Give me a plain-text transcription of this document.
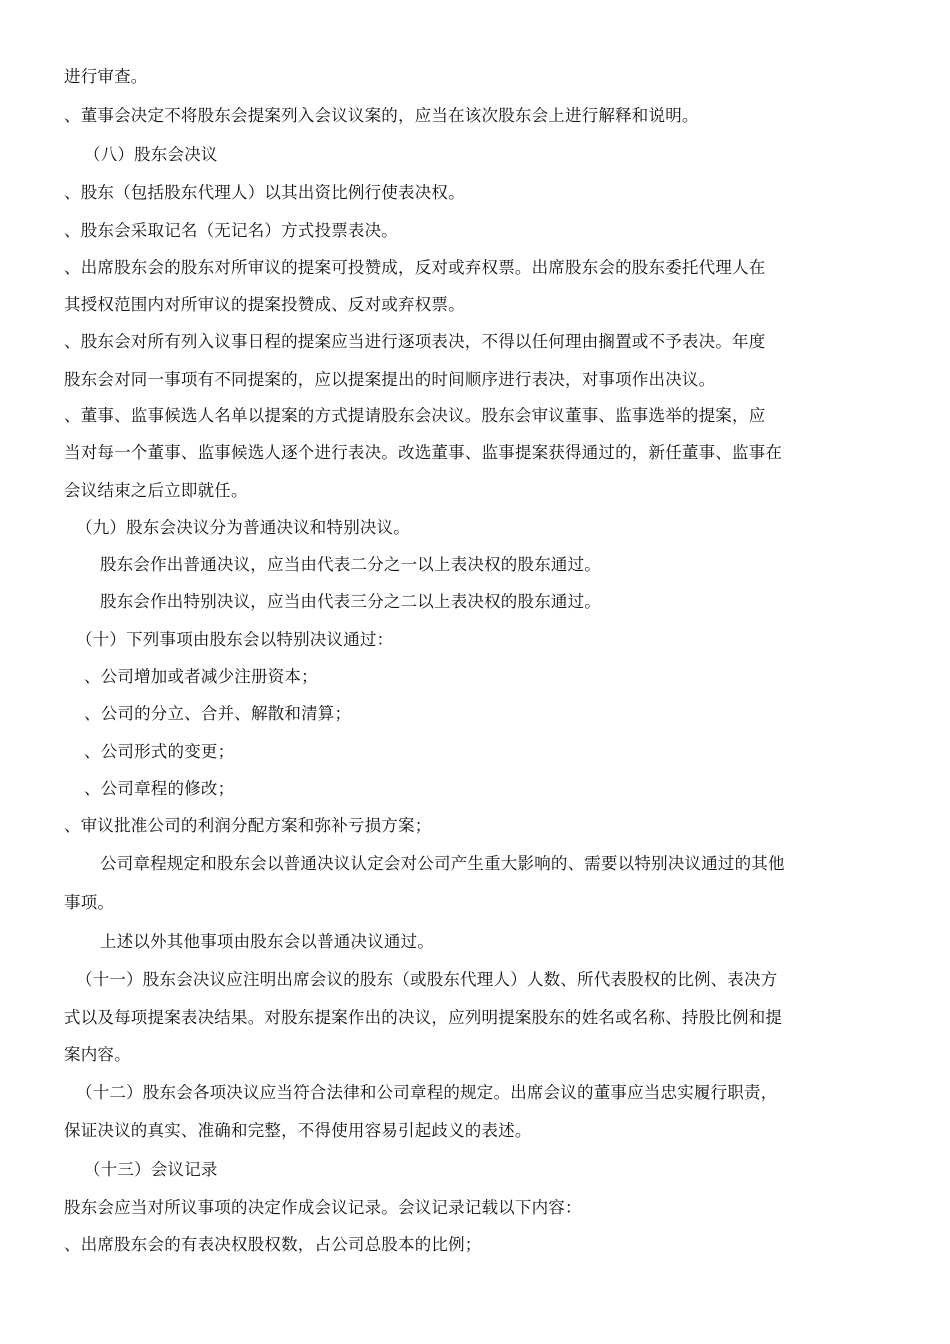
进行审查。
、董事会决定不将股东会提案列入会议议案的，应当在该次股东会上进行解释和说明。
（八）股东会决议
、股东（包括股东代理人）以其出资比例行使表决权。
、股东会采取记名（无记名）方式投票表决。
、出席股东会的股东对所审议的提案可投赞成，反对或弃权票。出席股东会的股东委托代理人在
其授权范围内对所审议的提案投赞成、反对或弃权票。
、股东会对所有列入议事日程的提案应当进行逐项表决，不得以任何理由搁置或不予表决。年度
股东会对同一事项有不同提案的，应以提案提出的时间顺序进行表决，对事项作出决议。
、董事、监事候选人名单以提案的方式提请股东会决议。股东会审议董事、监事选举的提案，应
当对每一个董事、监事候选人逐个进行表决。改选董事、监事提案获得通过的，新任董事、监事在
会议结束之后立即就任。
（九）股东会决议分为普通决议和特别决议。
股东会作出普通决议，应当由代表二分之一以上表决权的股东通过。
股东会作出特别决议，应当由代表三分之二以上表决权的股东通过。
（十）下列事项由股东会以特别决议通过：
、公司增加或者减少注册资本；
、公司的分立、合并、解散和清算；
、公司形式的变更；
、公司章程的修改；
、审议批准公司的利润分配方案和弥补亏损方案；
公司章程规定和股东会以普通决议认定会对公司产生重大影响的、需要以特别决议通过的其他
事项。
上述以外其他事项由股东会以普通决议通过。
（十一）股东会决议应注明出席会议的股东（或股东代理人）人数、所代表股权的比例、表决方
式以及每项提案表决结果。对股东提案作出的决议，应列明提案股东的姓名或名称、持股比例和提
案内容。
（十二）股东会各项决议应当符合法律和公司章程的规定。出席会议的董事应当忠实履行职责，
保证决议的真实、准确和完整，不得使用容易引起歧义的表述。
（十三）会议记录
股东会应当对所议事项的决定作成会议记录。会议记录记载以下内容：
、出席股东会的有表决权股权数，占公司总股本的比例；
